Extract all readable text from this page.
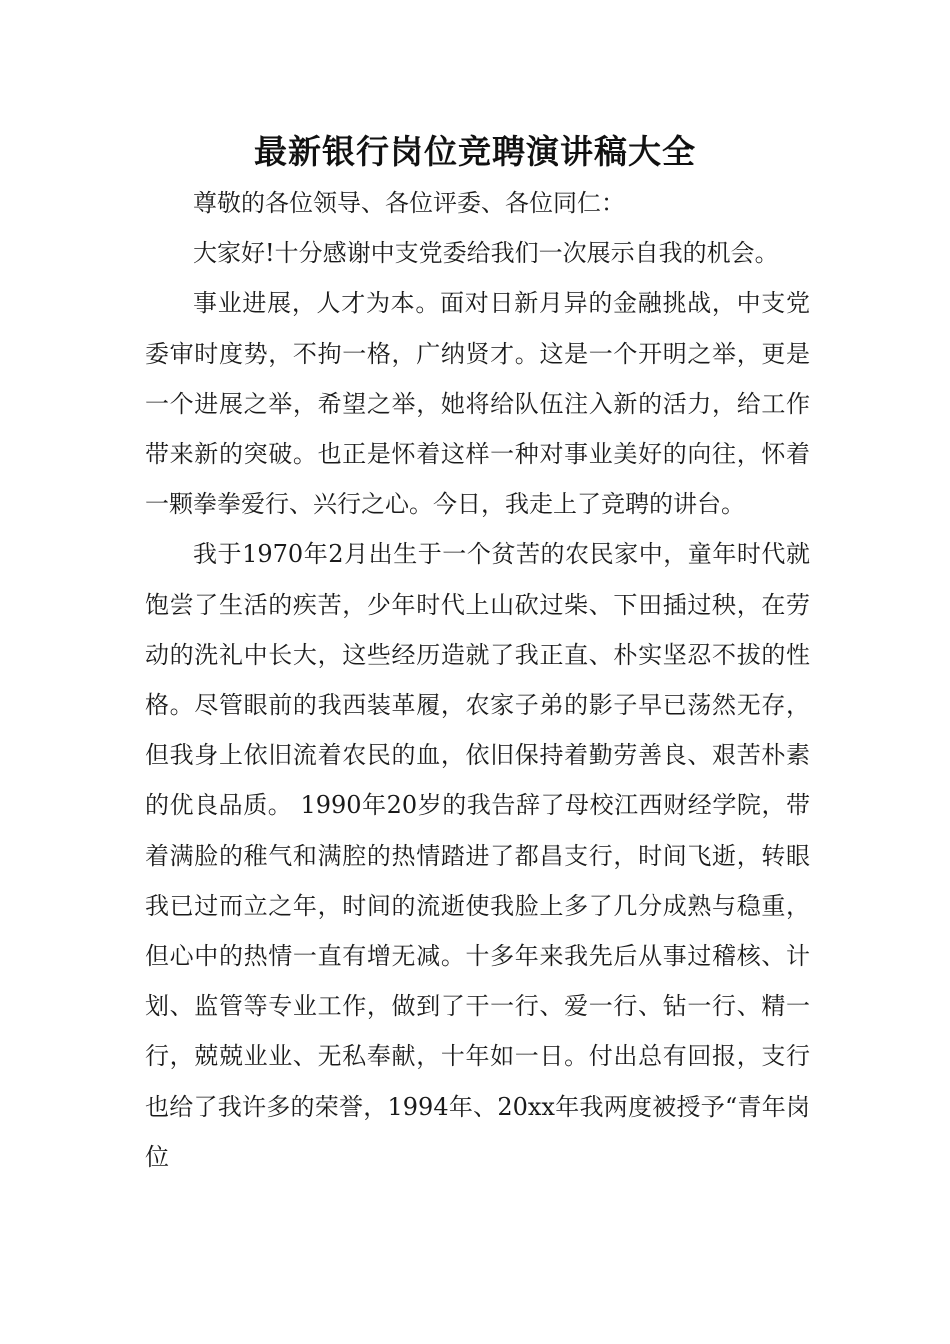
最新银行岗位竞聘演讲稿大全

尊敬的各位领导、各位评委、各位同仁：

大家好!十分感谢中支党委给我们一次展示自我的机会。

事业进展，人才为本。面对日新月异的金融挑战，中支党委审时度势，不拘一格，广纳贤才。这是一个开明之举，更是一个进展之举，希望之举，她将给队伍注入新的活力，给工作带来新的突破。也正是怀着这样一种对事业美好的向往，怀着一颗拳拳爱行、兴行之心。今日，我走上了竞聘的讲台。

我于1970年2月出生于一个贫苦的农民家中，童年时代就饱尝了生活的疾苦，少年时代上山砍过柴、下田插过秧，在劳动的洗礼中长大，这些经历造就了我正直、朴实坚忍不拔的性格。尽管眼前的我西装革履，农家子弟的影子早已荡然无存，但我身上依旧流着农民的血，依旧保持着勤劳善良、艰苦朴素的优良品质。 1990年20岁的我告辞了母校江西财经学院，带着满脸的稚气和满腔的热情踏进了都昌支行，时间飞逝，转眼我已过而立之年，时间的流逝使我脸上多了几分成熟与稳重，但心中的热情一直有增无减。十多年来我先后从事过稽核、计划、监管等专业工作，做到了干一行、爱一行、钻一行、精一行，兢兢业业、无私奉献，十年如一日。付出总有回报，支行也给了我许多的荣誉，1994年、20xx年我两度被授予“青年岗位
